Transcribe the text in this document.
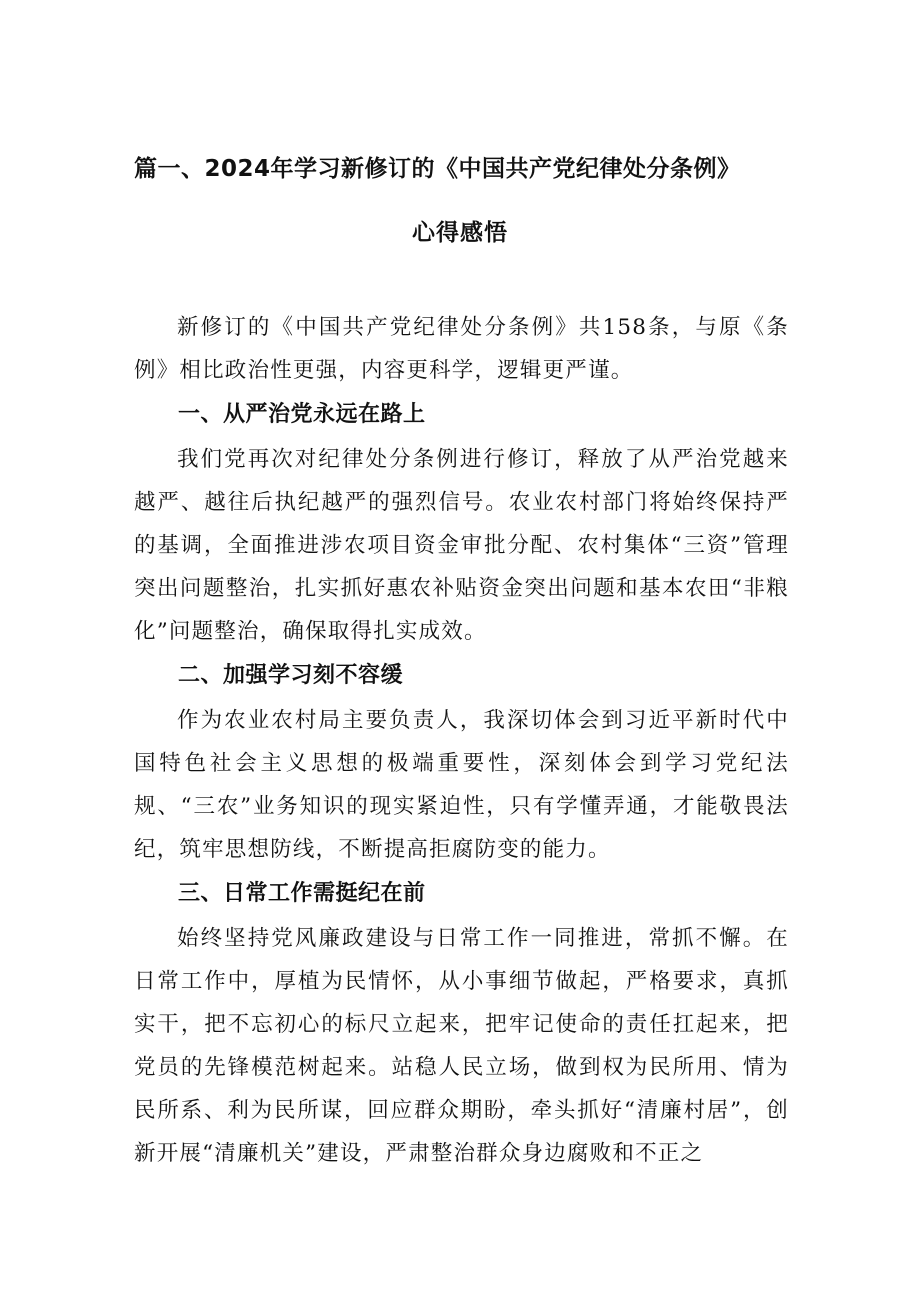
篇一、2024年学习新修订的《中国共产党纪律处分条例》
心得感悟

新修订的《中国共产党纪律处分条例》共158条，与原《条例》相比政治性更强，内容更科学，逻辑更严谨。

一、从严治党永远在路上

我们党再次对纪律处分条例进行修订，释放了从严治党越来越严、越往后执纪越严的强烈信号。农业农村部门将始终保持严的基调，全面推进涉农项目资金审批分配、农村集体“三资”管理突出问题整治，扎实抓好惠农补贴资金突出问题和基本农田“非粮化”问题整治，确保取得扎实成效。

二、加强学习刻不容缓

作为农业农村局主要负责人，我深切体会到习近平新时代中国特色社会主义思想的极端重要性，深刻体会到学习党纪法规、“三农”业务知识的现实紧迫性，只有学懂弄通，才能敬畏法纪，筑牢思想防线，不断提高拒腐防变的能力。

三、日常工作需挺纪在前

始终坚持党风廉政建设与日常工作一同推进，常抓不懈。在日常工作中，厚植为民情怀，从小事细节做起，严格要求，真抓实干，把不忘初心的标尺立起来，把牢记使命的责任扛起来，把党员的先锋模范树起来。站稳人民立场，做到权为民所用、情为民所系、利为民所谋，回应群众期盼，牵头抓好“清廉村居”，创新开展“清廉机关”建设，严肃整治群众身边腐败和不正之
